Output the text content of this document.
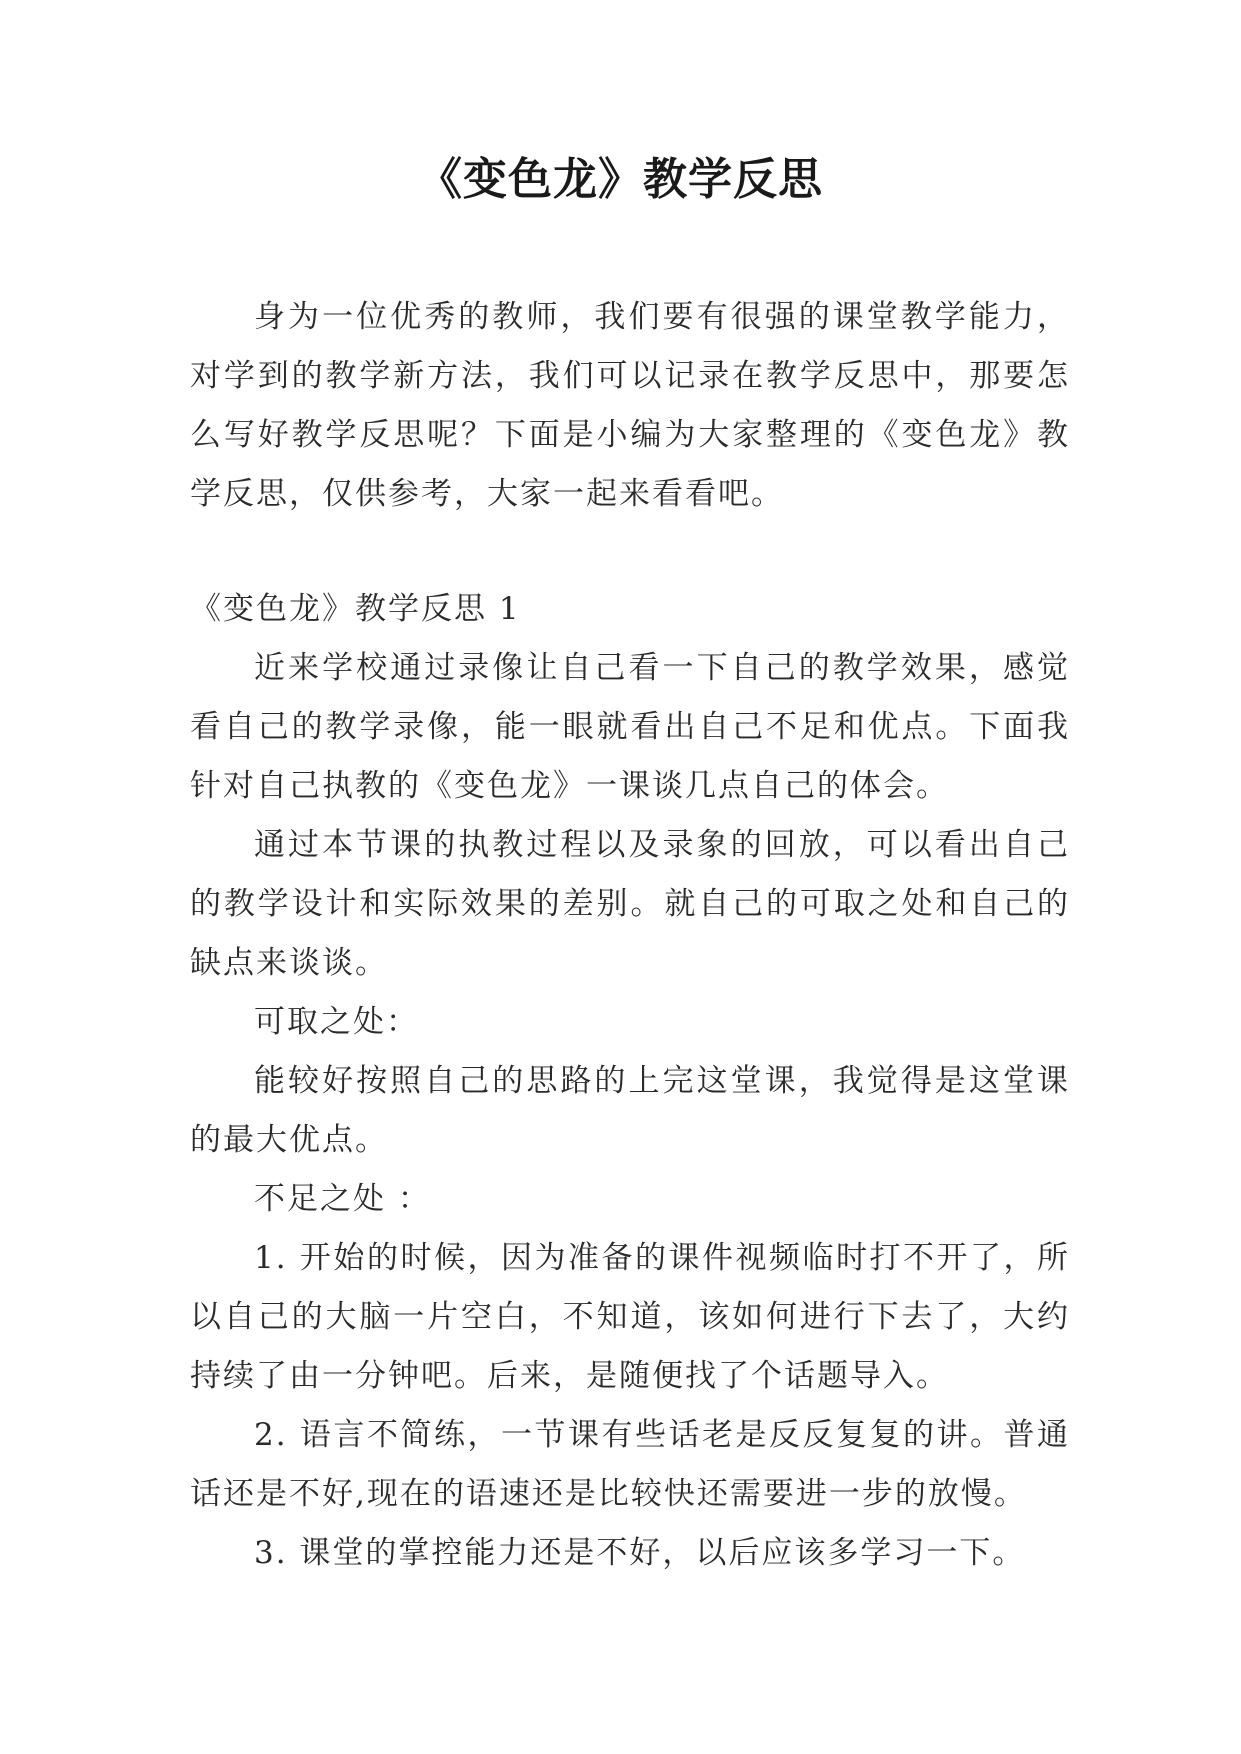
《变色龙》教学反思

身为一位优秀的教师，我们要有很强的课堂教学能力，对学到的教学新方法，我们可以记录在教学反思中，那要怎么写好教学反思呢？下面是小编为大家整理的《变色龙》教学反思，仅供参考，大家一起来看看吧。

《变色龙》教学反思 1

近来学校通过录像让自己看一下自己的教学效果，感觉看自己的教学录像，能一眼就看出自己不足和优点。下面我针对自己执教的《变色龙》一课谈几点自己的体会。

通过本节课的执教过程以及录象的回放，可以看出自己的教学设计和实际效果的差别。就自己的可取之处和自己的缺点来谈谈。

可取之处：

能较好按照自己的思路的上完这堂课，我觉得是这堂课的最大优点。

不足之处 ：

1. 开始的时候，因为准备的课件视频临时打不开了，所以自己的大脑一片空白，不知道，该如何进行下去了，大约持续了由一分钟吧。后来，是随便找了个话题导入。

2. 语言不简练，一节课有些话老是反反复复的讲。普通话还是不好,现在的语速还是比较快还需要进一步的放慢。

3. 课堂的掌控能力还是不好，以后应该多学习一下。
